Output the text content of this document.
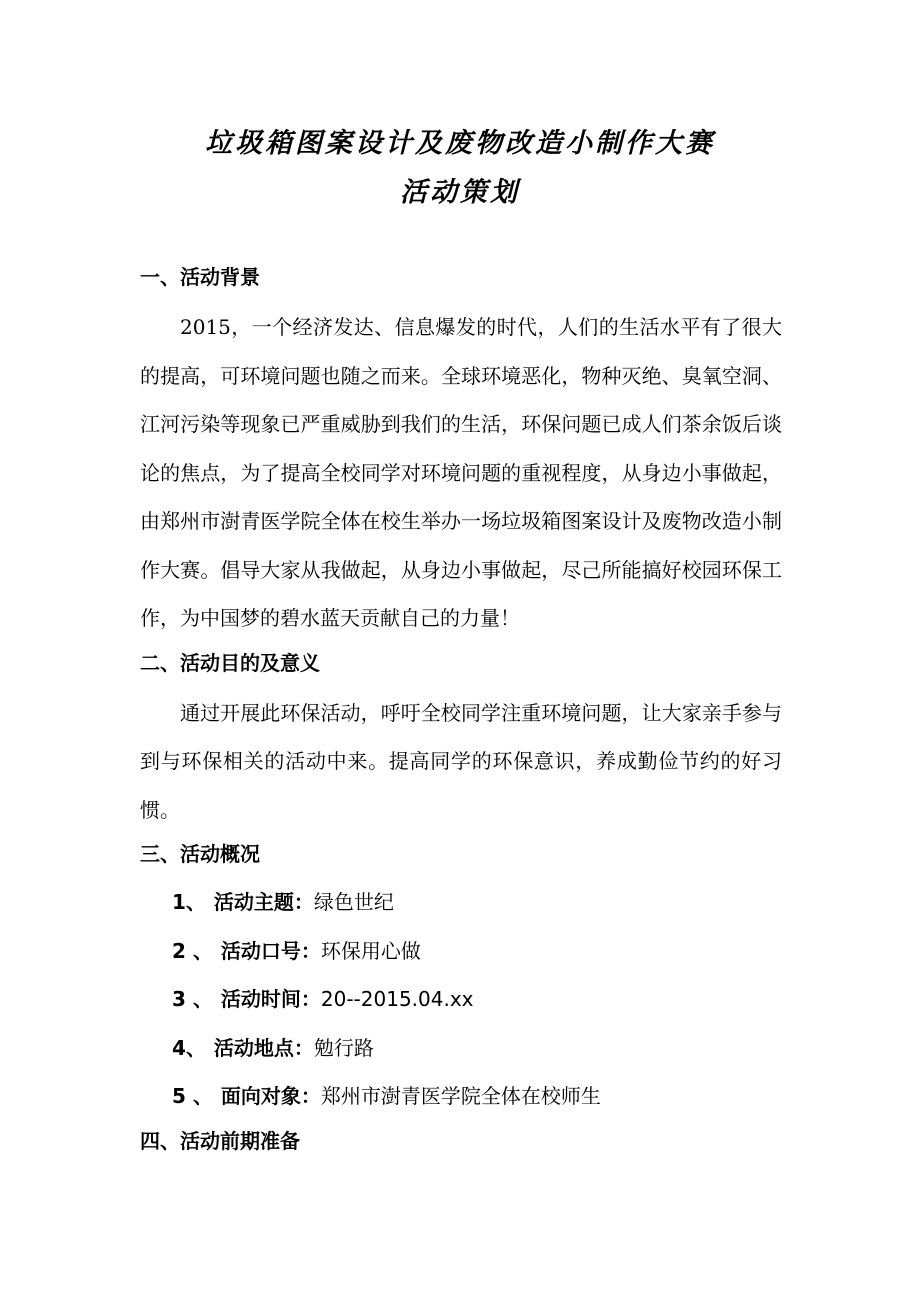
垃圾箱图案设计及废物改造小制作大赛
活动策划
一、活动背景
2015，一个经济发达、信息爆发的时代，人们的生活水平有了很大的提高，可环境问题也随之而来。全球环境恶化，物种灭绝、臭氧空洞、江河污染等现象已严重威胁到我们的生活，环保问题已成人们茶余饭后谈论的焦点，为了提高全校同学对环境问题的重视程度，从身边小事做起，由郑州市澍青医学院全体在校生举办一场垃圾箱图案设计及废物改造小制作大赛。倡导大家从我做起，从身边小事做起，尽己所能搞好校园环保工作，为中国梦的碧水蓝天贡献自己的力量！
二、活动目的及意义
通过开展此环保活动，呼吁全校同学注重环境问题，让大家亲手参与到与环保相关的活动中来。提高同学的环保意识，养成勤俭节约的好习惯。
三、活动概况
1、 活动主题：绿色世纪
2 、 活动口号：环保用心做
3 、 活动时间：20--2015.04.xx
4、 活动地点：勉行路
5 、 面向对象：郑州市澍青医学院全体在校师生
四、活动前期准备
